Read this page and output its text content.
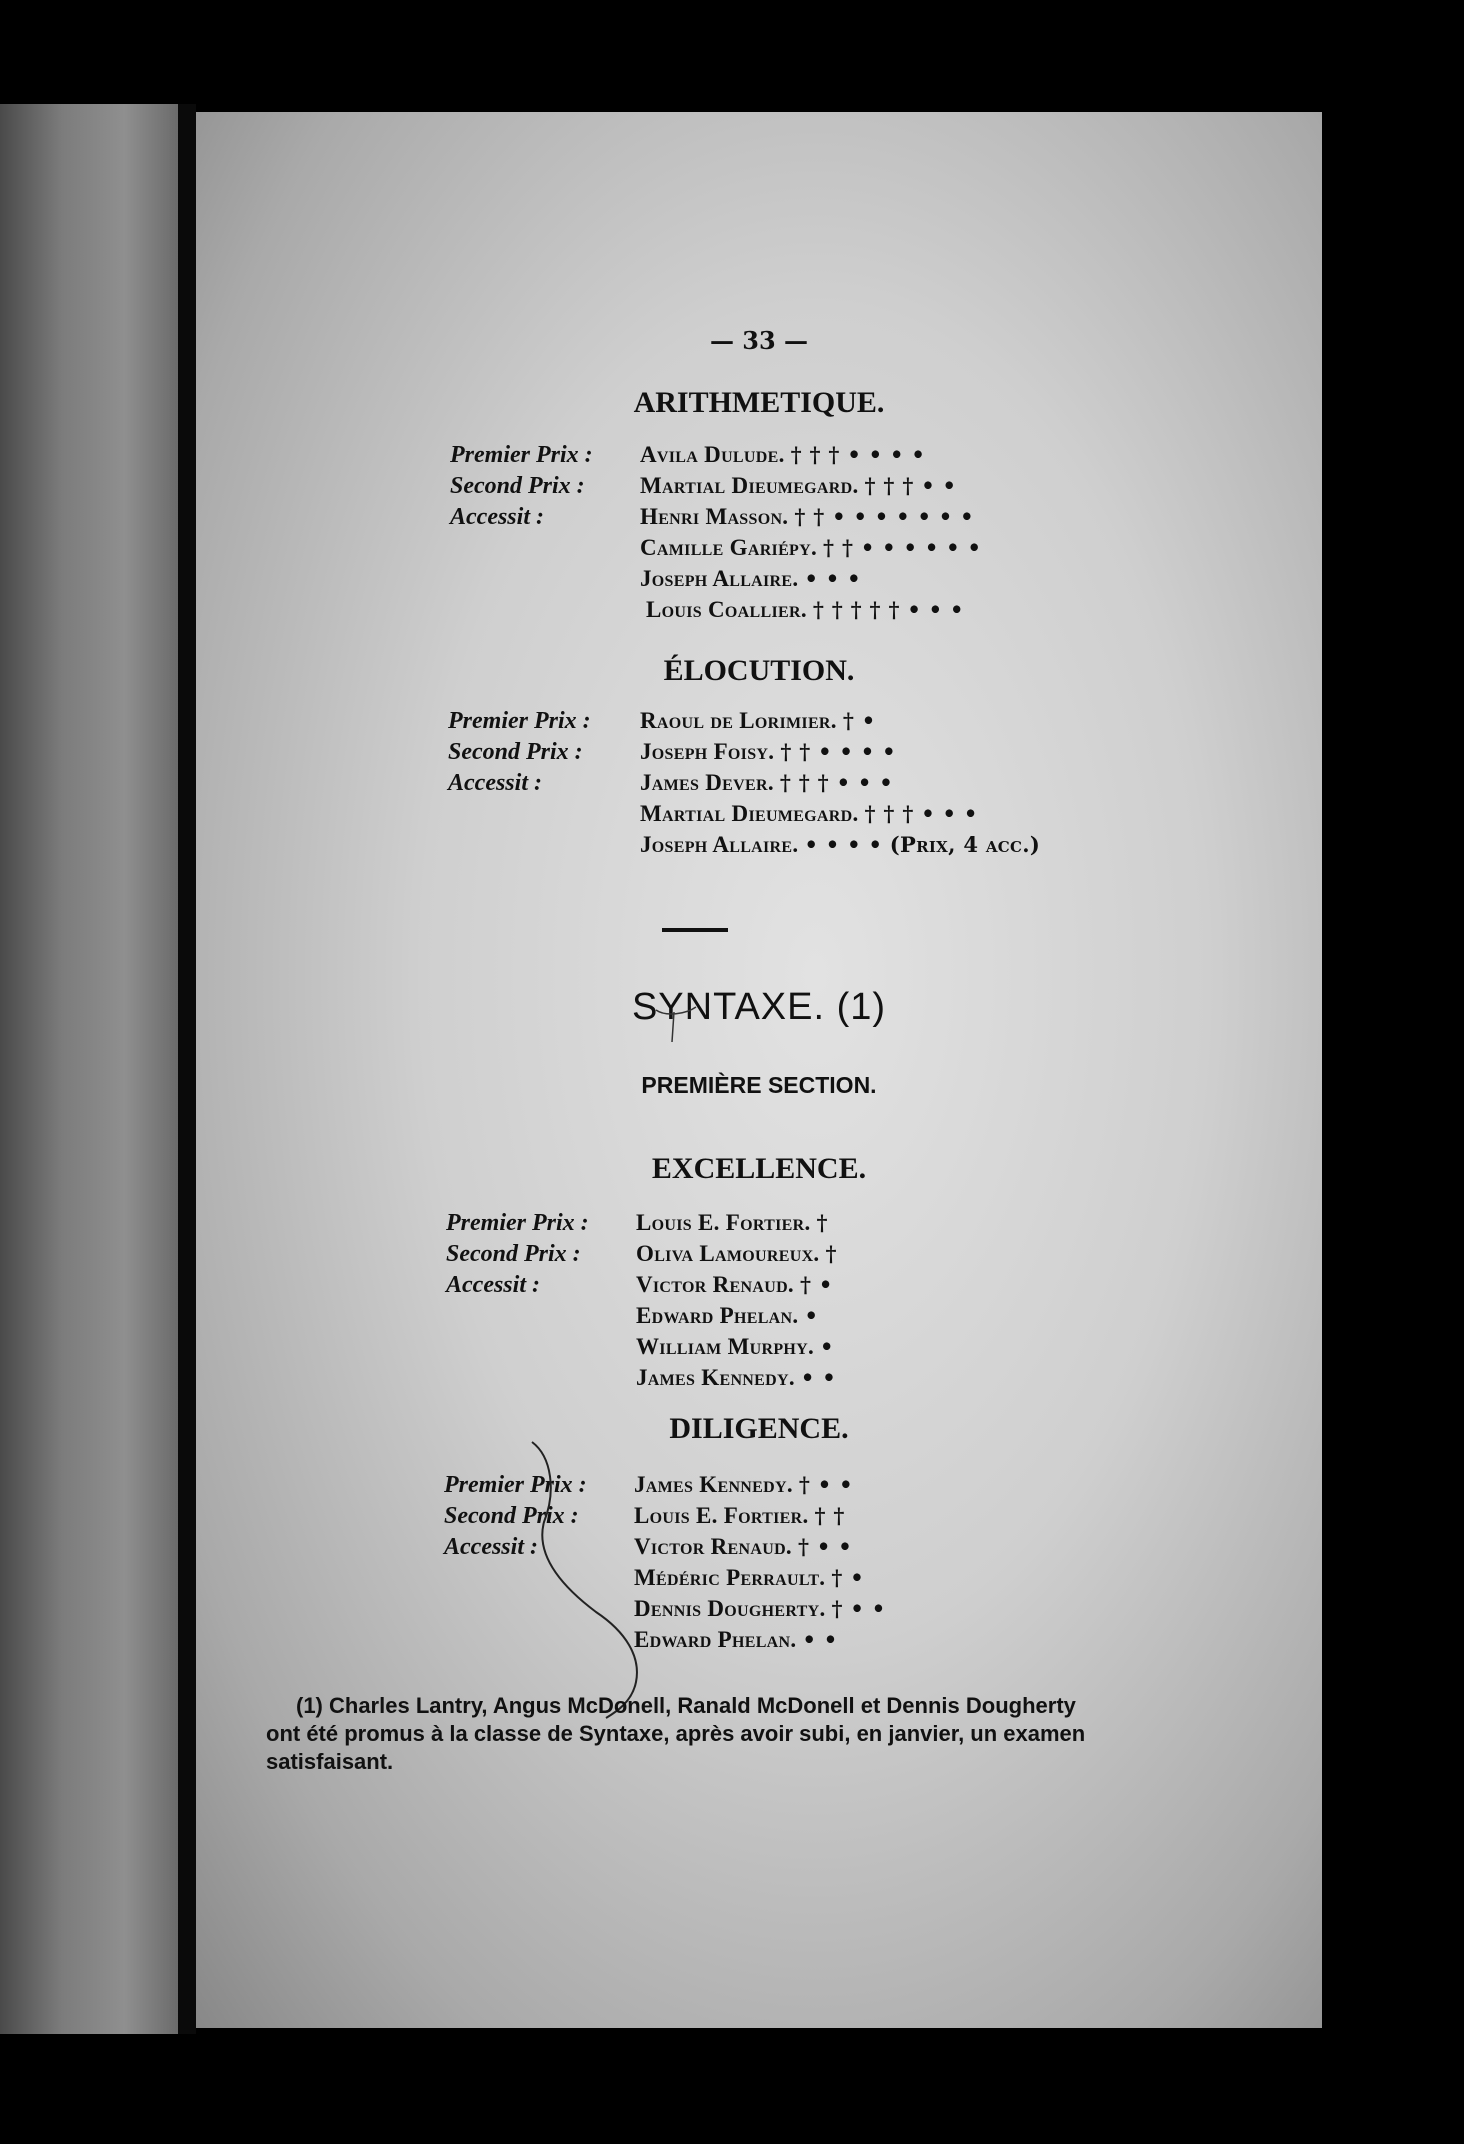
— 33 —
ARITHMETIQUE.
Premier Prix : Avila Dulude. † † † • • • •
Second Prix : Martial Dieumegard. † † † • •
Accessit :	Henri Masson. † † • • • • • • •
Camille Gariépy. † † • • • • • •
Joseph Allaire. • • •
Louis Coallier. † † † † † • • •
ÉLOCUTION.
Premier Prix : Raoul de Lorimier. † •
Second Prix : Joseph Foisy. † † • • • •
Accessit :	James Dever. † † † • • •
Martial Dieumegard. † † † • • •
Joseph Allaire. • • • • (Prix, 4 acc.)
SYNTAXE. (1)
PREMIÈRE SECTION.
EXCELLENCE.
Premier Prix : Louis E. Fortier. †
Second Prix : Oliva Lamoureux. †
Accessit :	Victor Renaud. † •
Edward Phelan. •
William Murphy. •
James Kennedy. • •
DILIGENCE.
Premier Prix : James Kennedy. † • •
Second Prix : Louis E. Fortier. † †
Accessit :	Victor Renaud. † • •
Médéric Perrault. † •
Dennis Dougherty. † • •
Edward Phelan. • •
(1) Charles Lantry, Angus McDonell, Ranald McDonell et Dennis Dougherty ont été promus à la classe de Syntaxe, après avoir subi, en janvier, un examen satisfaisant.
